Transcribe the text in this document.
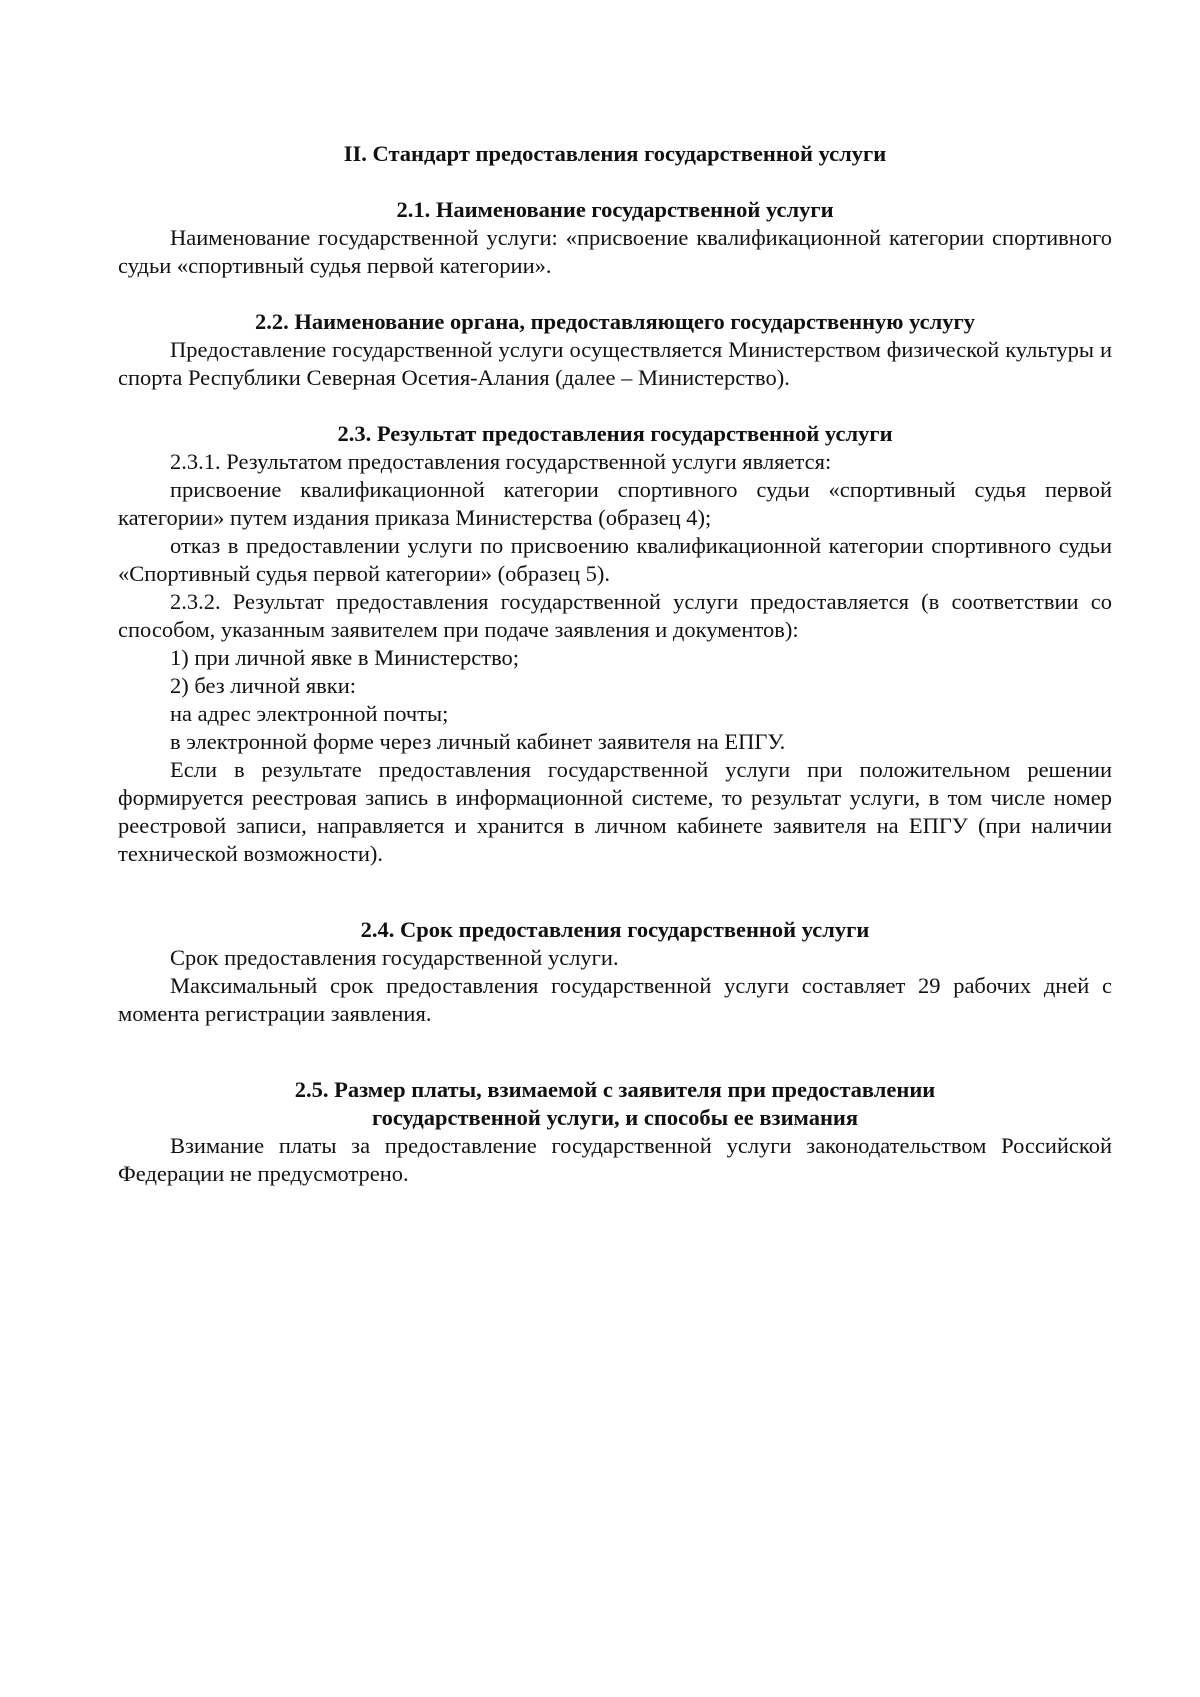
II. Стандарт предоставления государственной услуги
2.1. Наименование государственной услуги

Наименование государственной услуги: «присвоение квалификационной категории спортивного судьи «спортивный судья первой категории».

2.2. Наименование органа, предоставляющего государственную услугу

Предоставление государственной услуги осуществляется Министерством физической культуры и спорта Республики Северная Осетия-Алания (далее – Министерство).

2.3. Результат предоставления государственной услуги

2.3.1. Результатом предоставления государственной услуги является:

присвоение квалификационной категории спортивного судьи «спортивный судья первой категории» путем издания приказа Министерства (образец 4);

отказ в предоставлении услуги по присвоению квалификационной категории спортивного судьи «Спортивный судья первой категории» (образец 5).

2.3.2. Результат предоставления государственной услуги предоставляется (в соответствии со способом, указанным заявителем при подаче заявления и документов):

1) при личной явке в Министерство;

2) без личной явки:

на адрес электронной почты;

в электронной форме через личный кабинет заявителя на ЕПГУ.

Если в результате предоставления государственной услуги при положительном решении формируется реестровая запись в информационной системе, то результат услуги, в том числе номер реестровой записи, направляется и хранится в личном кабинете заявителя на ЕПГУ (при наличии технической возможности).

2.4. Срок предоставления государственной услуги

Срок предоставления государственной услуги.

Максимальный срок предоставления государственной услуги составляет 29 рабочих дней с момента регистрации заявления.

2.5. Размер платы, взимаемой с заявителя при предоставлении
государственной услуги, и способы ее взимания

Взимание платы за предоставление государственной услуги законодательством Российской Федерации не предусмотрено.
